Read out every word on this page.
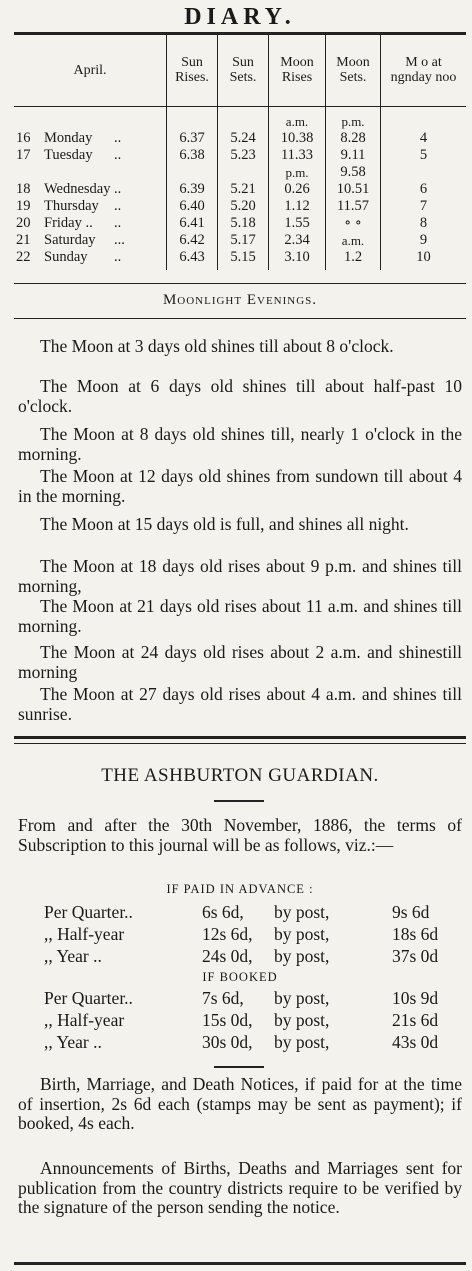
DIARY.
April.	Sun Rises.	Sun Sets.	Moon Rises	Moon Sets.	M o at ngnday noo
			a.m.	p.m.	
16 Monday ..	6.37	5.24	10.38	8.28	4
17 Tuesday ..	6.38	5.23	11.33	9.11	5
			p.m.	9.58	
18 Wednesday ..	6.39	5.21	0.26	10.51	6
19 Thursday ..	6.40	5.20	1.12	11.57	7
20 Friday .. ..	6.41	5.18	1.55	∘ ∘	8
21 Saturday ...	6.42	5.17	2.34	a.m.	9
22 Sunday ..	6.43	5.15	3.10	1.2	10
Moonlight Evenings.

The Moon at 3 days old shines till about 8 o'clock.

The Moon at 6 days old shines till about half-past 10 o'clock.

The Moon at 8 days old shines till, nearly 1 o'clock in the morning.

The Moon at 12 days old shines from sundown till about 4 in the morning.

The Moon at 15 days old is full, and shines all night.

The Moon at 18 days old rises about 9 p.m. and shines till morning,

The Moon at 21 days old rises about 11 a.m. and shines till morning.

The Moon at 24 days old rises about 2 a.m. and shinestill morning

The Moon at 27 days old rises about 4 a.m. and shines till sunrise.

THE ASHBURTON GUARDIAN.

From and after the 30th November, 1886, the terms of Subscription to this journal will be as follows, viz.:—

IF PAID IN ADVANCE :
Per Quarter..	6s 6d, by post,	9s 6d
,, Half-year	12s 6d, by post,	18s 6d
,, Year ..	24s 0d, by post,	37s 0d
IF BOOKED
Per Quarter..	7s 6d, by post,	10s 9d
,, Half-year	15s 0d, by post,	21s 6d
,, Year ..	30s 0d, by post,	43s 0d

Birth, Marriage, and Death Notices, if paid for at the time of insertion, 2s 6d each (stamps may be sent as payment); if booked, 4s each.

Announcements of Births, Deaths and Marriages sent for publication from the country districts require to be verified by the signature of the person sending the notice.
